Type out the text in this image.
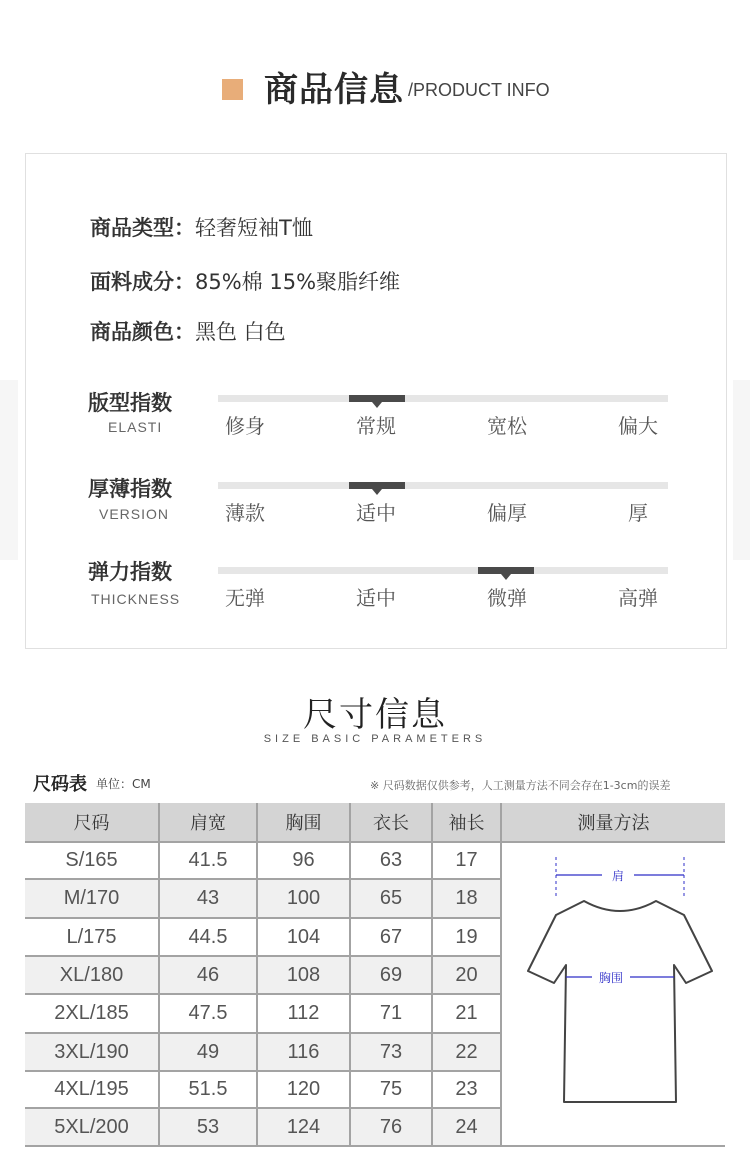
商品信息 /PRODUCT INFO
商品类型：轻奢短袖T恤
面料成分：85%棉 15%聚脂纤维
商品颜色：黑色 白色
版型指数
ELASTI	修身	常规	宽松	偏大
厚薄指数
VERSION	薄款	适中	偏厚	厚
弹力指数
THICKNESS 无弹	适中	微弹	高弹
尺寸信息
SIZE BASIC PARAMETERS
尺码表 单位：CM	※ 尺码数据仅供参考，人工测量方法不同会存在1-3cm的误差
尺码	肩宽	胸围	衣长	袖长	测量方法
S/165	41.5	96	63	17
M/170	43	100	65	18
L/175	44.5	104	67	19
XL/180	46	108	69	20
2XL/185	47.5	112	71	21
3XL/190	49	116	73	22
4XL/195	51.5	120	75	23
5XL/200	53	124	76	24
肩
胸围
